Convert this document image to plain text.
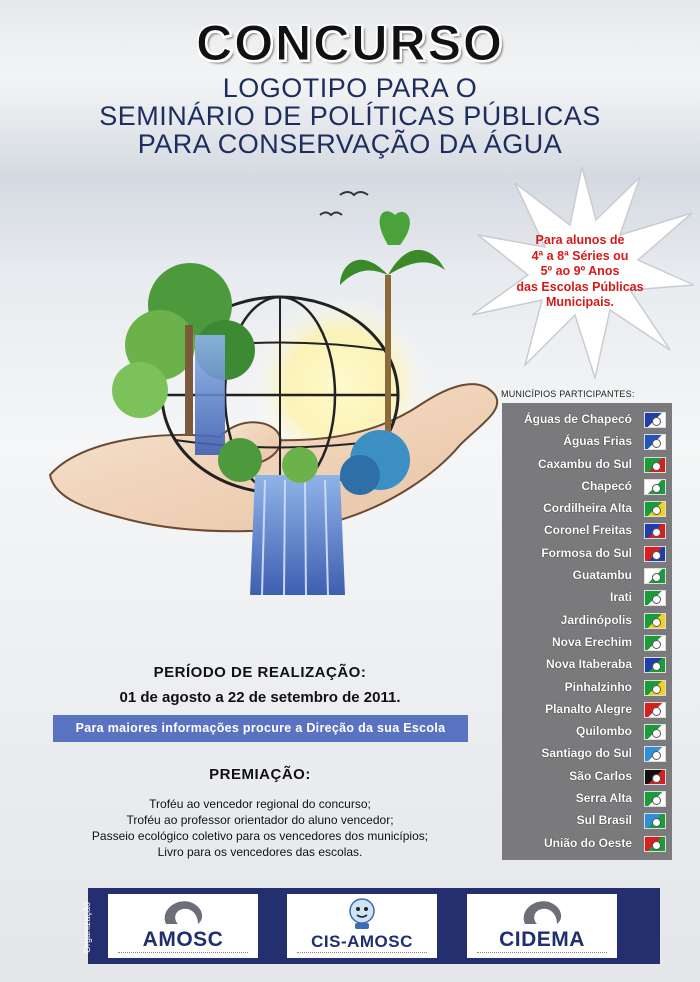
CONCURSO
LOGOTIPO PARA O
SEMINÁRIO DE POLÍTICAS PÚBLICAS
PARA CONSERVAÇÃO DA ÁGUA
Para alunos de
4ª a 8ª Séries ou
5º ao 9º Anos
das Escolas Públicas
Municipais.
MUNICÍPIOS PARTICIPANTES:
Águas de Chapecó
Águas Frias
Caxambu do Sul
Chapecó
Cordilheira Alta
Coronel Freitas
Formosa do Sul
Guatambu
Irati
Jardinópolis
Nova Erechim
Nova Itaberaba
Pinhalzinho
Planalto Alegre
Quilombo
Santiago do Sul
São Carlos
Serra Alta
Sul Brasil
União do Oeste
PERÍODO DE REALIZAÇÃO:
01 de agosto a 22 de setembro de 2011.
Para maiores informações procure a Direção da sua Escola
PREMIAÇÃO:
Troféu ao vencedor regional do concurso;
Troféu ao professor orientador do aluno vencedor;
Passeio ecológico coletivo para os vencedores dos municípios;
Livro para os vencedores das escolas.
Organização	AMOSC	CIS-AMOSC	CIDEMA
